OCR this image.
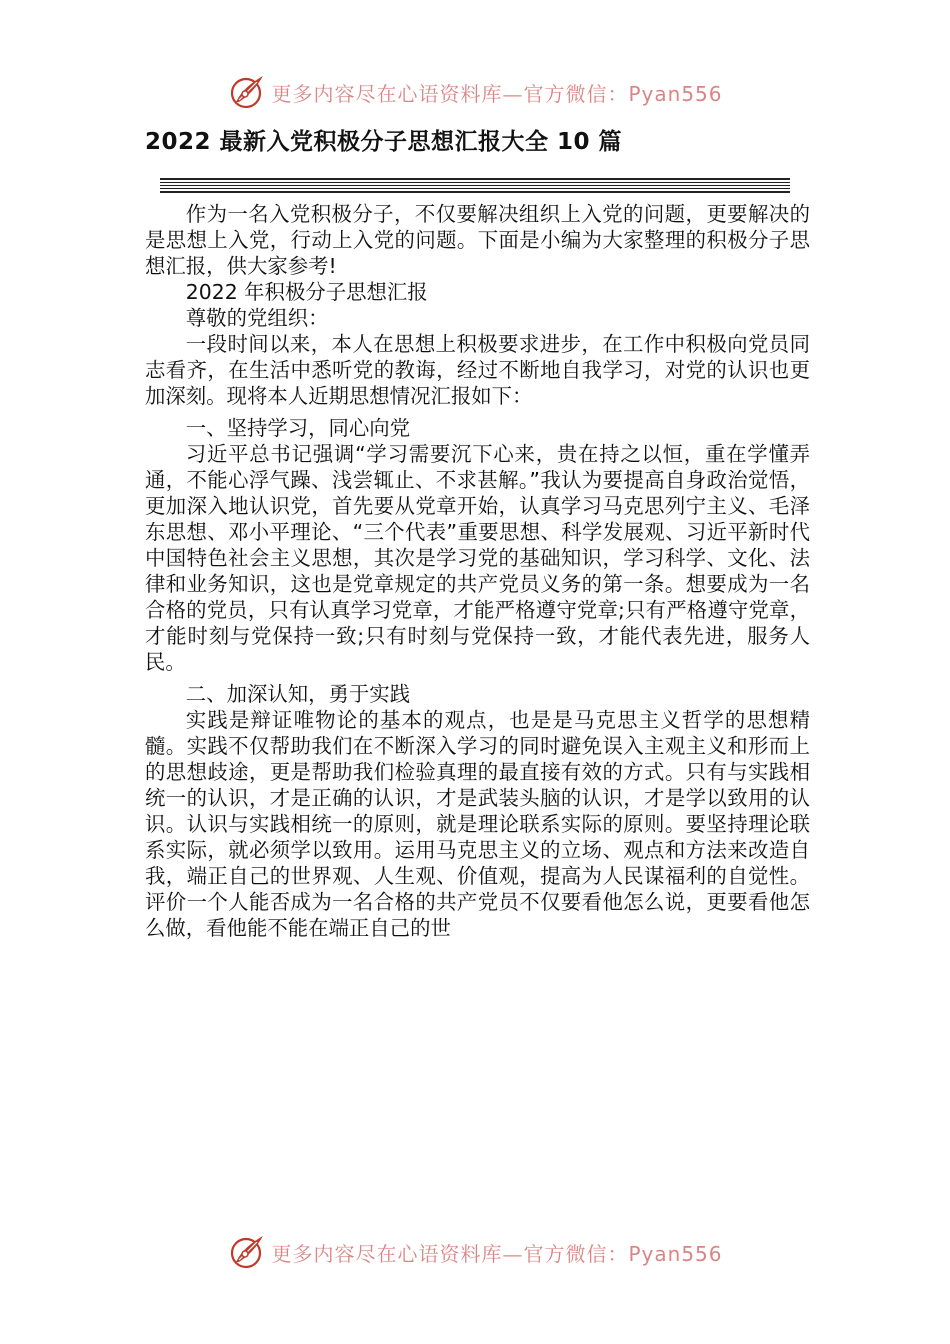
更多内容尽在心语资料库—官方微信：Pyan556
2022 最新入党积极分子思想汇报大全 10 篇

作为一名入党积极分子，不仅要解决组织上入党的问题，更要解决的是思想上入党，行动上入党的问题。下面是小编为大家整理的积极分子思想汇报，供大家参考!

2022 年积极分子思想汇报

尊敬的党组织：

一段时间以来，本人在思想上积极要求进步，在工作中积极向党员同志看齐，在生活中悉听党的教诲，经过不断地自我学习，对党的认识也更加深刻。现将本人近期思想情况汇报如下：

一、坚持学习，同心向党

习近平总书记强调“学习需要沉下心来，贵在持之以恒，重在学懂弄通，不能心浮气躁、浅尝辄止、不求甚解。”我认为要提高自身政治觉悟，更加深入地认识党，首先要从党章开始，认真学习马克思列宁主义、毛泽东思想、邓小平理论、“三个代表”重要思想、科学发展观、习近平新时代中国特色社会主义思想，其次是学习党的基础知识，学习科学、文化、法律和业务知识，这也是党章规定的共产党员义务的第一条。想要成为一名合格的党员，只有认真学习党章，才能严格遵守党章;只有严格遵守党章，才能时刻与党保持一致;只有时刻与党保持一致，才能代表先进，服务人民。

二、加深认知，勇于实践

实践是辩证唯物论的基本的观点，也是是马克思主义哲学的思想精髓。实践不仅帮助我们在不断深入学习的同时避免误入主观主义和形而上的思想歧途，更是帮助我们检验真理的最直接有效的方式。只有与实践相统一的认识，才是正确的认识，才是武装头脑的认识，才是学以致用的认识。认识与实践相统一的原则，就是理论联系实际的原则。要坚持理论联系实际，就必须学以致用。运用马克思主义的立场、观点和方法来改造自我，端正自己的世界观、人生观、价值观，提高为人民谋福利的自觉性。评价一个人能否成为一名合格的共产党员不仅要看他怎么说，更要看他怎么做，看他能不能在端正自己的世

更多内容尽在心语资料库—官方微信：Pyan556
